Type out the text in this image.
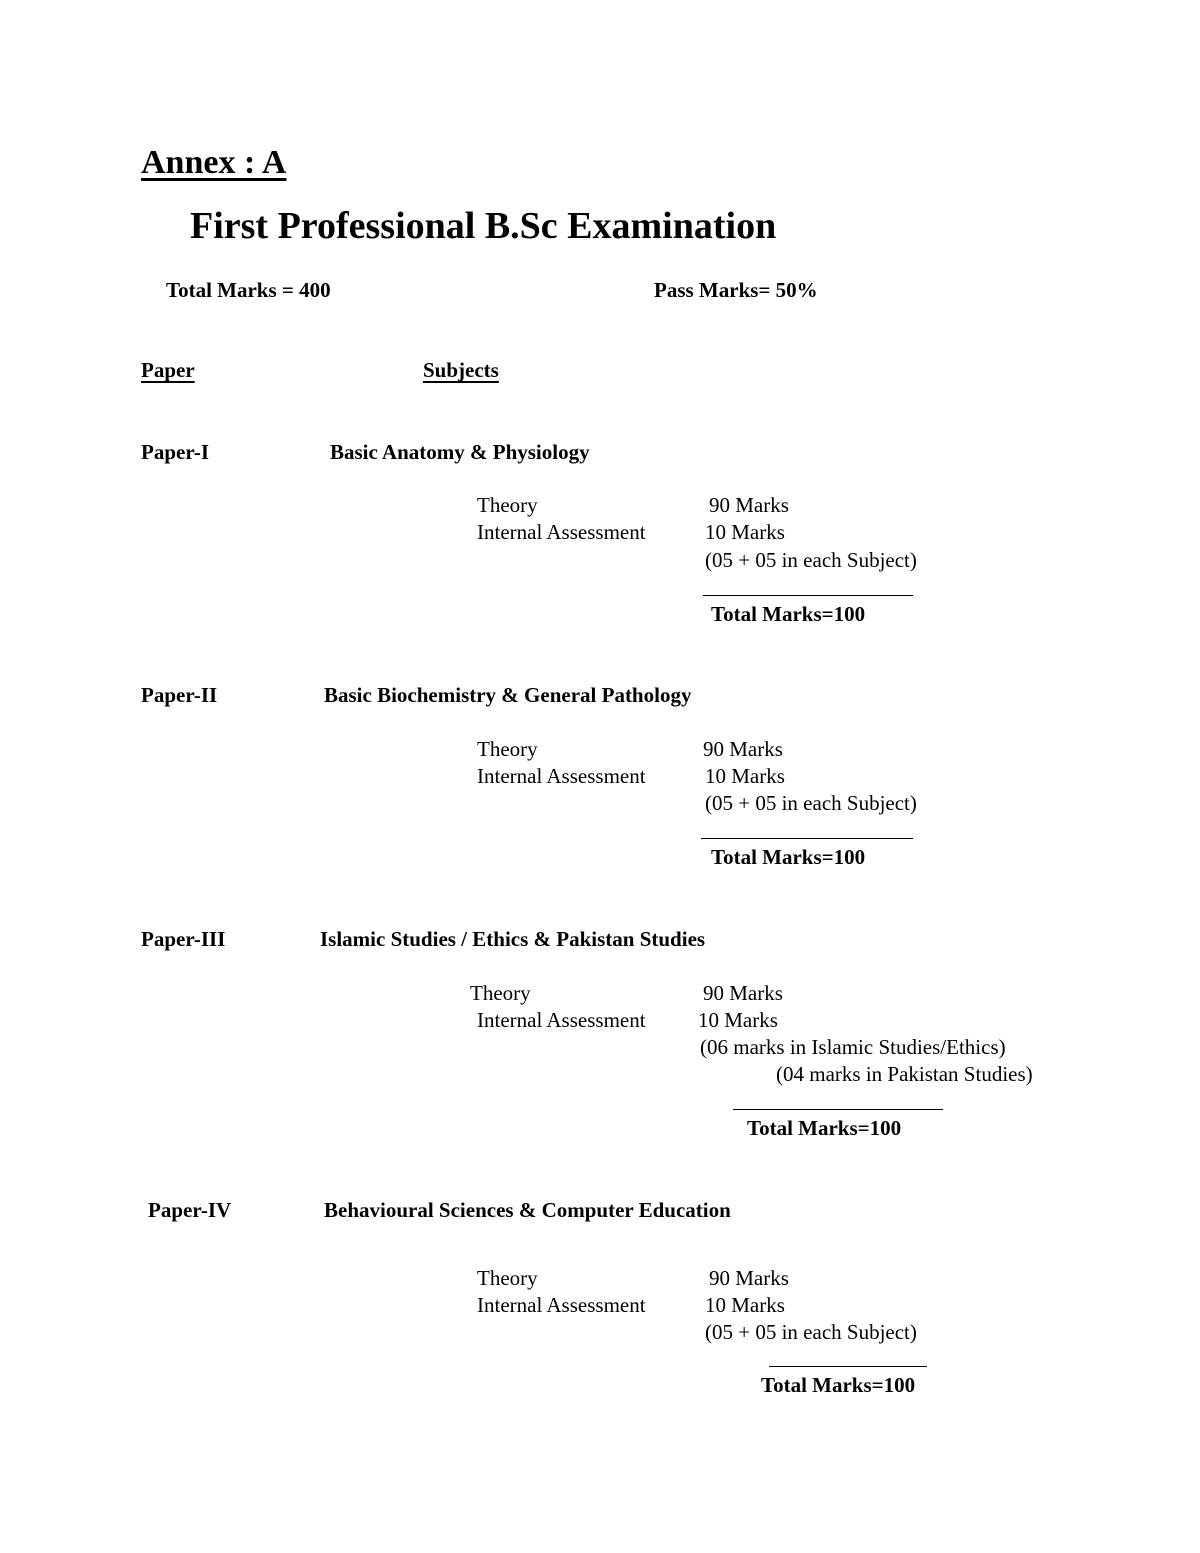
Annex : A
First Professional B.Sc Examination
Total Marks = 400	Pass Marks= 50%
Paper	Subjects
Paper-I	Basic Anatomy & Physiology
Theory	90 Marks
Internal Assessment	10 Marks
(05 + 05 in each Subject)
Total Marks=100
Paper-II	Basic Biochemistry & General Pathology
Theory	90 Marks
Internal Assessment	10 Marks
(05 + 05 in each Subject)
Total Marks=100
Paper-III	Islamic Studies / Ethics & Pakistan Studies
Theory	90 Marks
Internal Assessment 10 Marks
(06 marks in Islamic Studies/Ethics)
(04 marks in Pakistan Studies)
Total Marks=100
Paper-IV	Behavioural Sciences & Computer Education
Theory	90 Marks
Internal Assessment	10 Marks
(05 + 05 in each Subject)
Total Marks=100
